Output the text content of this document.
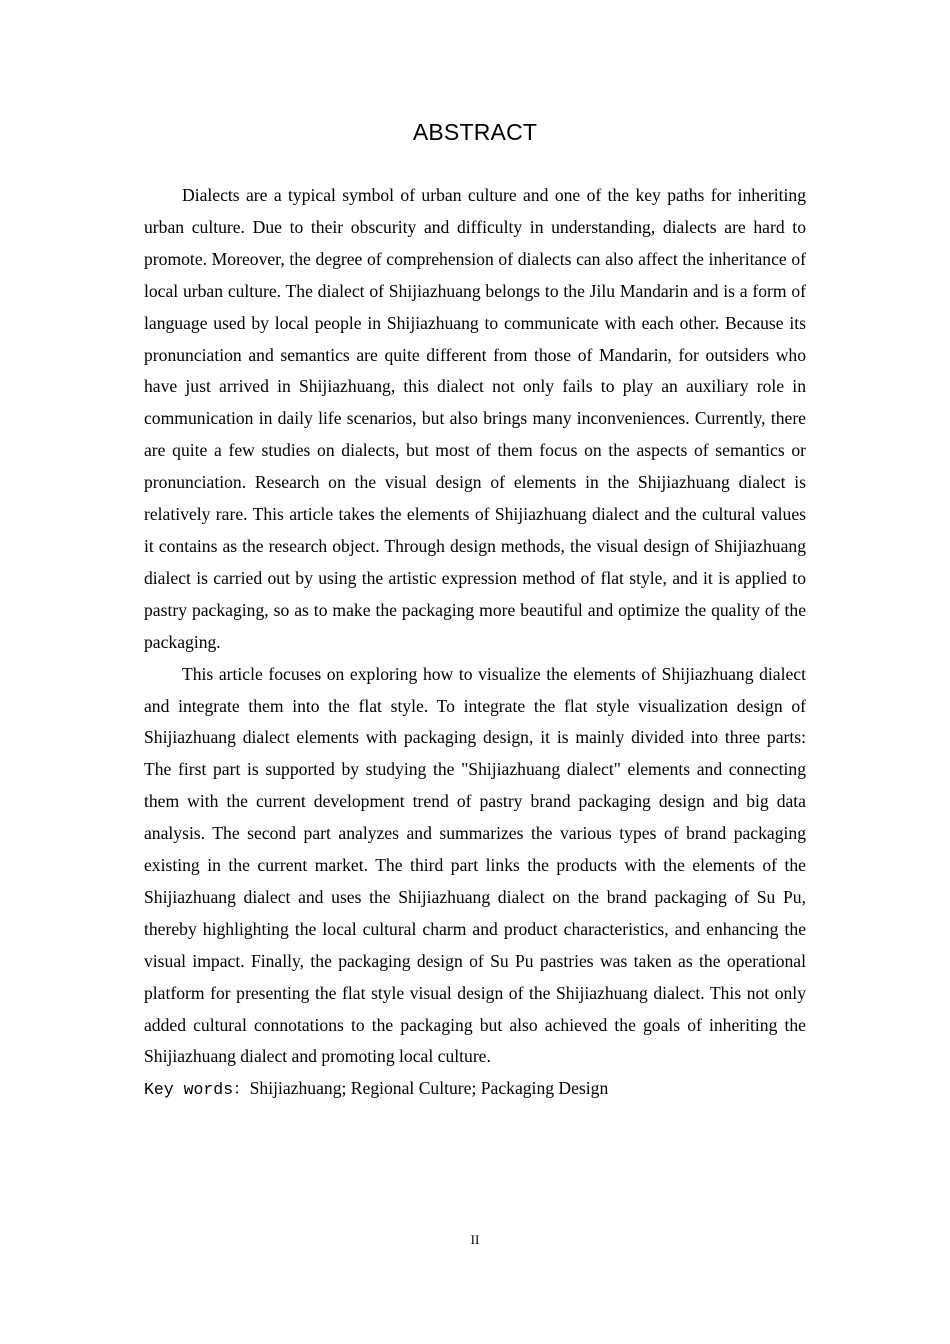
ABSTRACT

Dialects are a typical symbol of urban culture and one of the key paths for inheriting urban culture. Due to their obscurity and difficulty in understanding, dialects are hard to promote. Moreover, the degree of comprehension of dialects can also affect the inheritance of local urban culture. The dialect of Shijiazhuang belongs to the Jilu Mandarin and is a form of language used by local people in Shijiazhuang to communicate with each other. Because its pronunciation and semantics are quite different from those of Mandarin, for outsiders who have just arrived in Shijiazhuang, this dialect not only fails to play an auxiliary role in communication in daily life scenarios, but also brings many inconveniences. Currently, there are quite a few studies on dialects, but most of them focus on the aspects of semantics or pronunciation. Research on the visual design of elements in the Shijiazhuang dialect is relatively rare. This article takes the elements of Shijiazhuang dialect and the cultural values it contains as the research object. Through design methods, the visual design of Shijiazhuang dialect is carried out by using the artistic expression method of flat style, and it is applied to pastry packaging, so as to make the packaging more beautiful and optimize the quality of the packaging.

This article focuses on exploring how to visualize the elements of Shijiazhuang dialect and integrate them into the flat style. To integrate the flat style visualization design of Shijiazhuang dialect elements with packaging design, it is mainly divided into three parts: The first part is supported by studying the "Shijiazhuang dialect" elements and connecting them with the current development trend of pastry brand packaging design and big data analysis. The second part analyzes and summarizes the various types of brand packaging existing in the current market. The third part links the products with the elements of the Shijiazhuang dialect and uses the Shijiazhuang dialect on the brand packaging of Su Pu, thereby highlighting the local cultural charm and product characteristics, and enhancing the visual impact. Finally, the packaging design of Su Pu pastries was taken as the operational platform for presenting the flat style visual design of the Shijiazhuang dialect. This not only added cultural connotations to the packaging but also achieved the goals of inheriting the Shijiazhuang dialect and promoting local culture.

Key words：Shijiazhuang; Regional Culture; Packaging Design

II
